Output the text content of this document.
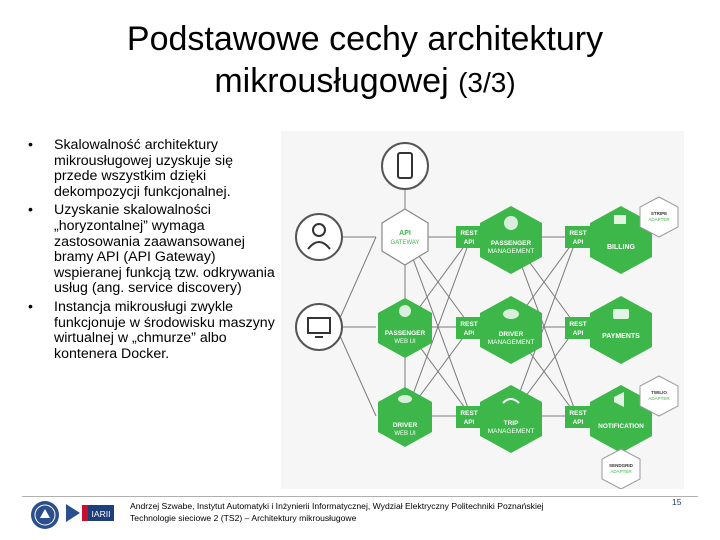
Podstawowe cechy architektury
mikrousługowej (3/3)
• Skalowalność architektury mikrousługowej uzyskuje się przede wszystkim dzięki dekompozycji funkcjonalnej.
• Uzyskanie skalowalności „horyzontalnej” wymaga zastosowania zaawansowanej bramy API (API Gateway) wspieranej funkcją tzw. odkrywania usług (ang. service discovery)
• Instancja mikrousługi zwykle funkcjonuje w środowisku maszyny wirtualnej w „chmurze” albo kontenera Docker.
API
GATEWAY
PASSENGER
WEB UI
DRIVER
WEB UI
PASSENGER
MANAGEMENT
DRIVER
MANAGEMENT
TRIP
MANAGEMENT
BILLING
PAYMENTS
NOTIFICATION
REST
API
REST
API
REST
API
REST
API
REST
API
REST
API
STRIPE
ADAPTER
TWILIO
ADAPTER
SENDGRID
ADAPTER
IARII
Andrzej Szwabe, Instytut Automatyki i Inżynierii Informatycznej, Wydział Elektryczny Politechniki Poznańskiej
Technologie sieciowe 2 (TS2) – Architektury mikrousługowe
15
